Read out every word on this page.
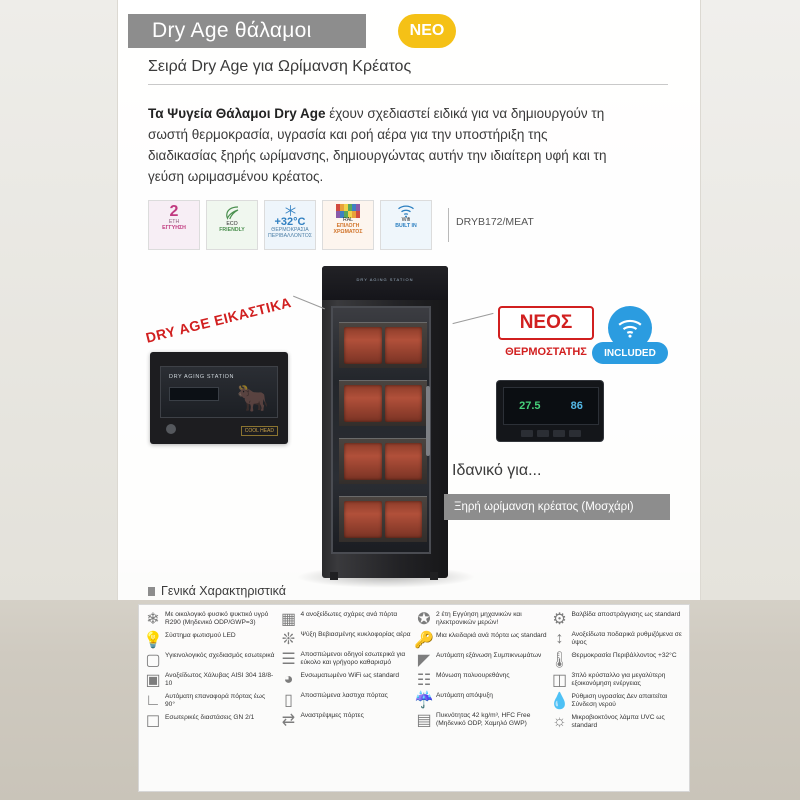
Dry Age θάλαμοι	ΝΕΟ
Σειρά Dry Age για Ωρίμανση Κρέατος
Τα Ψυγεία Θάλαμοι Dry Age έχουν σχεδιαστεί ειδικά για να δημιουργούν τη σωστή θερμοκρασία, υγρασία και ροή αέρα για την υποστήριξη της διαδικασίας ξηρής ωρίμανσης, δημιουργώντας αυτήν την ιδιαίτερη υφή και τη γεύση ωριμασμένου κρέατος.
2
ΕΤΗ
ΕΓΓΥΗΣΗ
ECO
FRIENDLY
+32°C
ΘΕΡΜΟΚΡΑΣΙΑ
ΠΕΡΙΒΑΛΛΟΝΤΟΣ
RAL
ΕΠΙΛΟΓΗ
ΧΡΩΜΑΤΟΣ
Wifi
BUILT IN	DRYB172/MEAT
DRY AGING STATION
DRY AGE ΕΙΚΑΣΤΙΚΑ
DRY AGING STATION
🐂
COOL HEAD
ΝΕΟΣ
ΘΕΡΜΟΣΤΑΤΗΣ	INCLUDED
27.5	86
Ιδανικό για...
Ξηρή ωρίμανση κρέατος (Μοσχάρι)
Γενικά Χαρακτηριστικά
❄ Με οικολογικό φυσικό ψυκτικό υγρό R290 (Μηδενικό ODP/GWP=3)
💡 Σύστημα φωτισμού LED
▢ Υγιεινολογικός σχεδιασμός εσωτερικά
▣ Ανοξείδωτος Χάλυβας AISI 304 18/8-10
∟ Αυτόματη επαναφορά πόρτας έως 90°
☐ Εσωτερικές διαστάσεις GN 2/1
▦ 4 ανοξείδωτες σχάρες ανά πόρτα
❊ Ψύξη Βεβιασμένης κυκλοφορίας αέρα
☰ Αποσπώμενοι οδηγοί εσωτερικά για εύκολο και γρήγορο καθαρισμό
◕	Ενσωματωμένο WiFi ως standard
▯	Αποσπώμενα λαστιχα πόρτας
⇄ Αναστρέψιμες πόρτες
✪ 2 έτη Εγγύηση μηχανικών και ηλεκτρονικών μερών!
🔑 Μια κλειδαριά ανά πόρτα ως standard
◤ Αυτόματη εξάνωση Συμπικνωμάτων
☷ Μόνωση πολυουρεθάνης
☔ Αυτόματη απόψυξη
▤ Πυκνότητας 42 kg/m³, HFC Free (Μηδενικό ODP, Χαμηλό GWP)
⚙ Βαλβίδα αποστράγγισης ως standard
↕	Ανοξείδωτα ποδαρικά ρυθμιζόμενα σε ύψος
🌡 Θερμοκρασία Περιβάλλοντος +32°C
◫ 3πλό κρύσταλλο για μεγαλύτερη εξοικονόμηση ενέργειας
💧 Ρύθμιση υγρασίας Δεν απαιτείται Σύνδεση νερού
☼ Μικροβιοκτόνος λάμπα UVC ως standard
